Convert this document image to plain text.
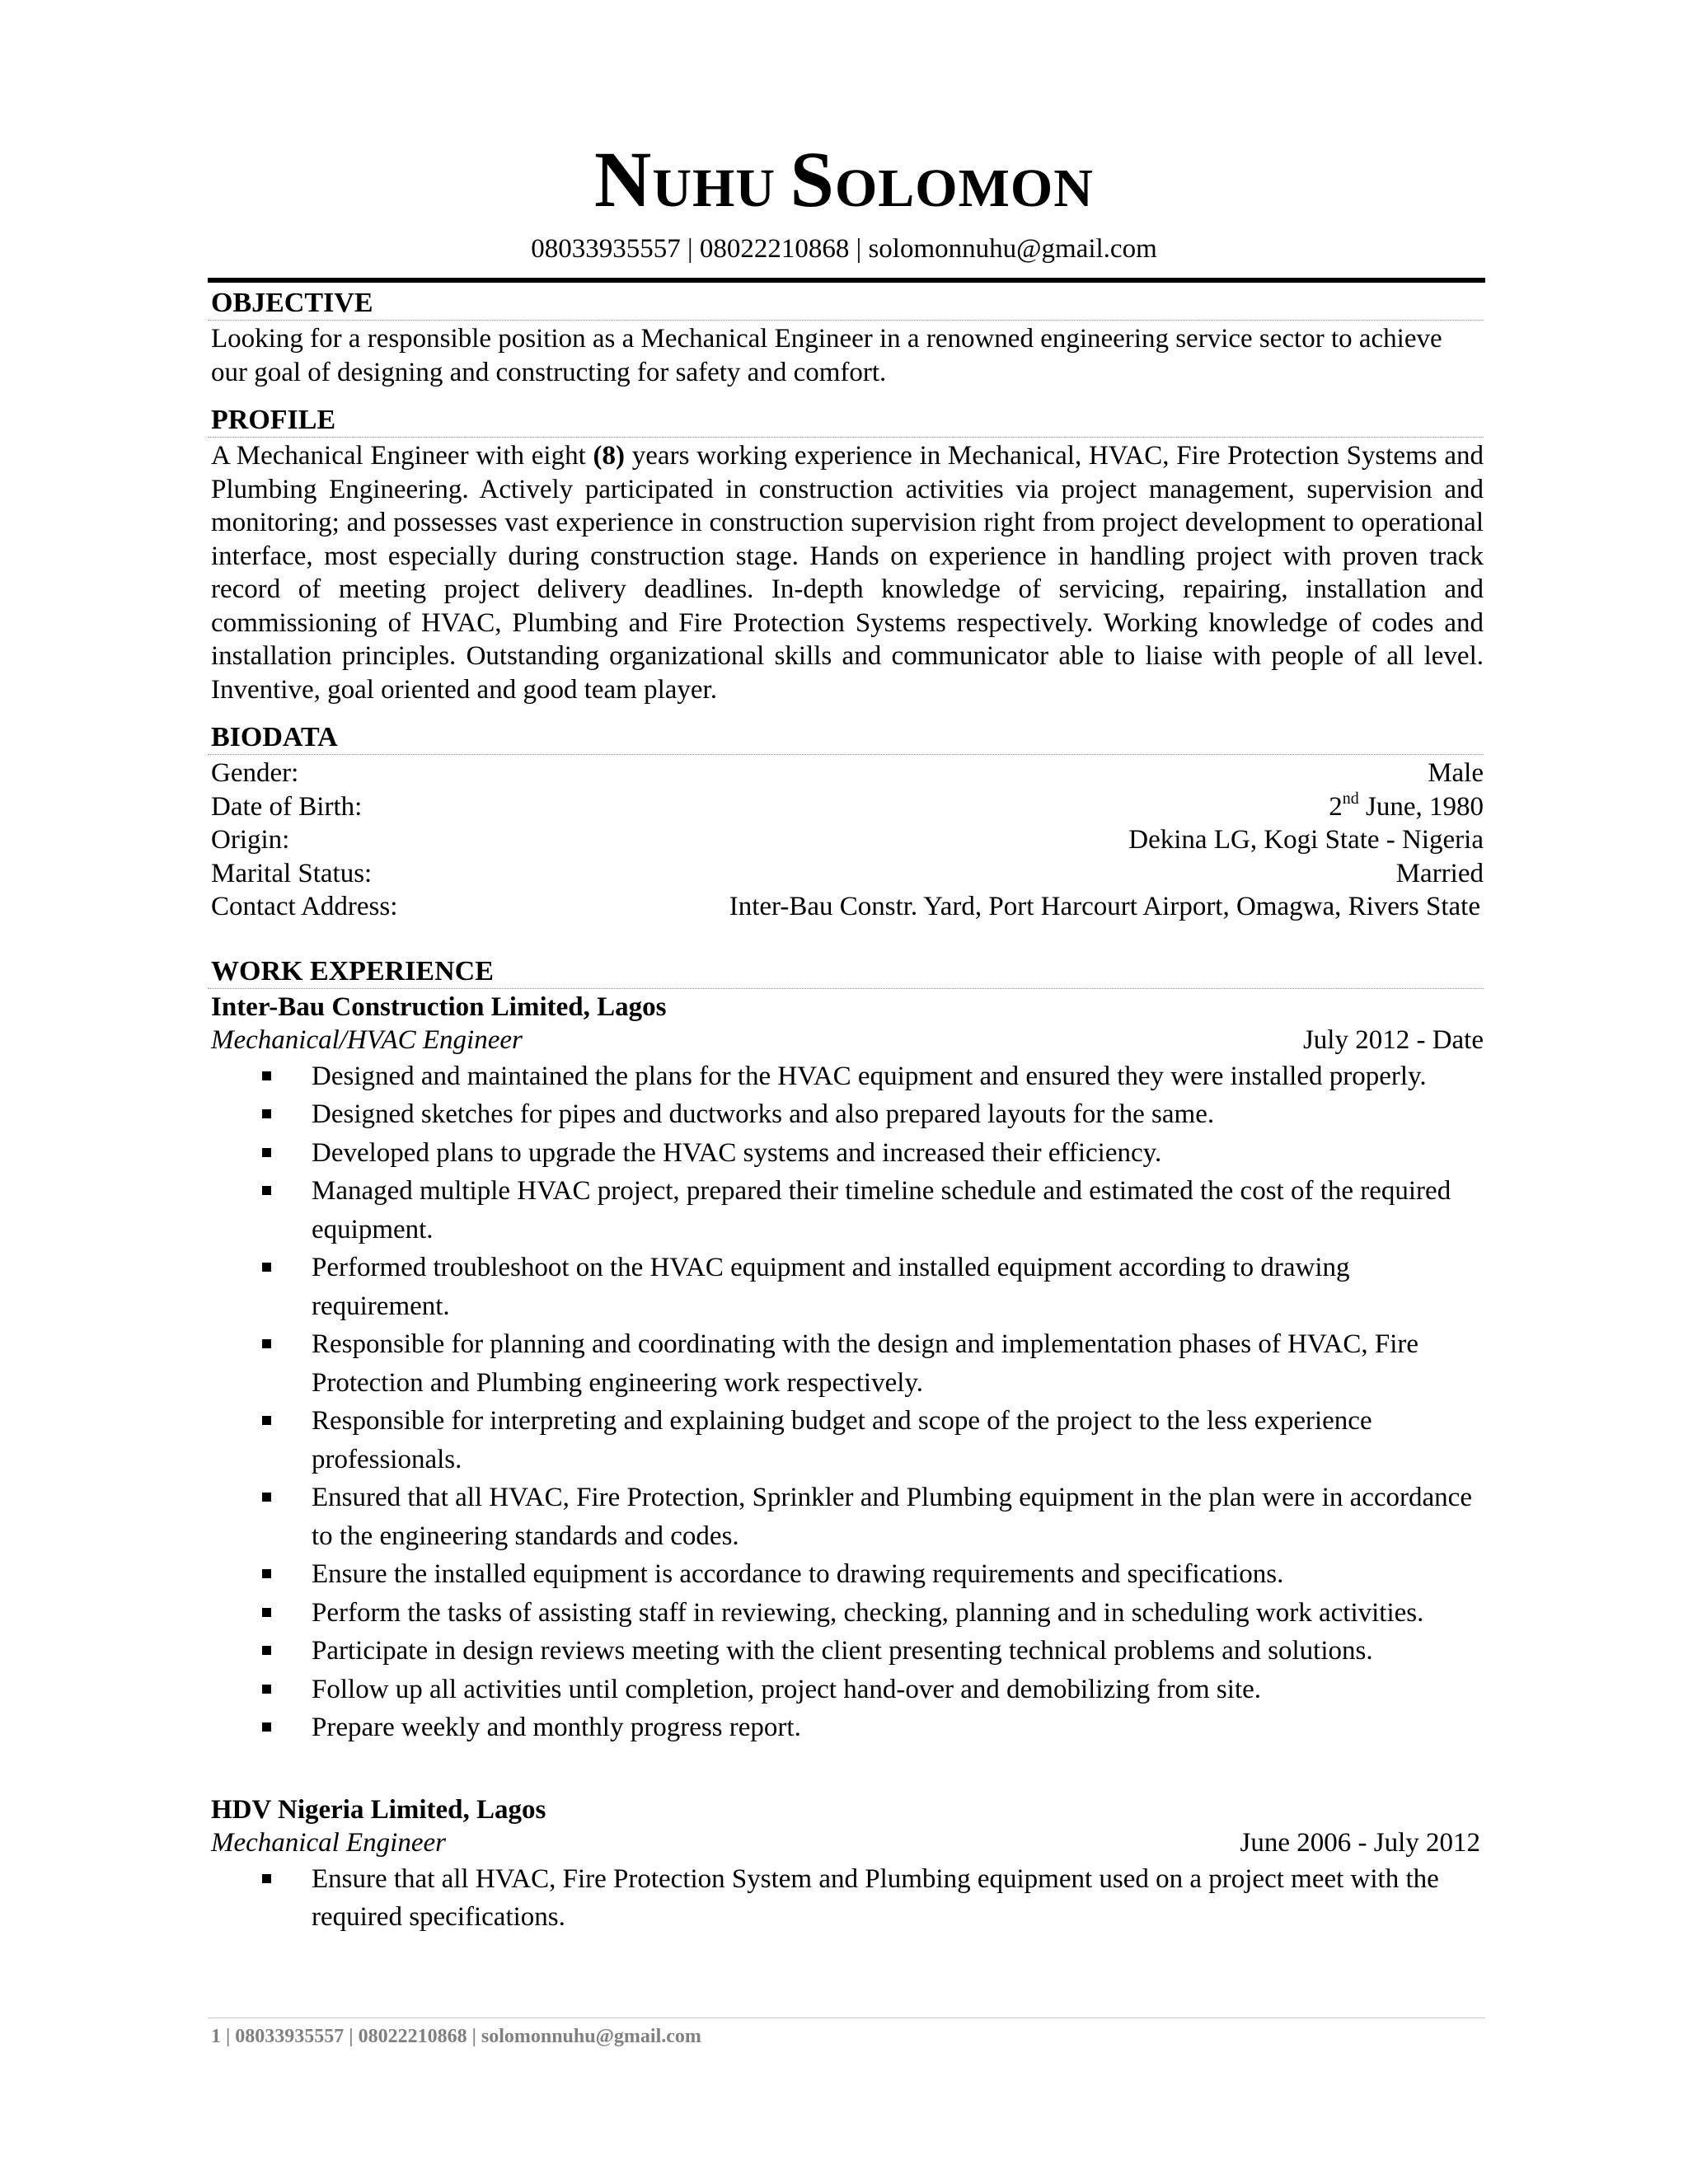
NUHU SOLOMON
08033935557 | 08022210868 | solomonnuhu@gmail.com
OBJECTIVE
Looking for a responsible position as a Mechanical Engineer in a renowned engineering service sector to achieve our goal of designing and constructing for safety and comfort.
PROFILE
A Mechanical Engineer with eight (8) years working experience in Mechanical, HVAC, Fire Protection Systems and Plumbing Engineering. Actively participated in construction activities via project management, supervision and monitoring; and possesses vast experience in construction supervision right from project development to operational interface, most especially during construction stage. Hands on experience in handling project with proven track record of meeting project delivery deadlines. In-depth knowledge of servicing, repairing, installation and commissioning of HVAC, Plumbing and Fire Protection Systems respectively. Working knowledge of codes and installation principles. Outstanding organizational skills and communicator able to liaise with people of all level. Inventive, goal oriented and good team player.
BIODATA
Gender:	Male
Date of Birth:	2nd June, 1980
Origin:	Dekina LG, Kogi State - Nigeria
Marital Status:	Married
Contact Address:	Inter-Bau Constr. Yard, Port Harcourt Airport, Omagwa, Rivers State
WORK EXPERIENCE
Inter-Bau Construction Limited, Lagos
Mechanical/HVAC Engineer	July 2012 - Date
Designed and maintained the plans for the HVAC equipment and ensured they were installed properly.
Designed sketches for pipes and ductworks and also prepared layouts for the same.
Developed plans to upgrade the HVAC systems and increased their efficiency.
Managed multiple HVAC project, prepared their timeline schedule and estimated the cost of the required equipment.
Performed troubleshoot on the HVAC equipment and installed equipment according to drawing requirement.
Responsible for planning and coordinating with the design and implementation phases of HVAC, Fire Protection and Plumbing engineering work respectively.
Responsible for interpreting and explaining budget and scope of the project to the less experience professionals.
Ensured that all HVAC, Fire Protection, Sprinkler and Plumbing equipment in the plan were in accordance to the engineering standards and codes.
Ensure the installed equipment is accordance to drawing requirements and specifications.
Perform the tasks of assisting staff in reviewing, checking, planning and in scheduling work activities.
Participate in design reviews meeting with the client presenting technical problems and solutions.
Follow up all activities until completion, project hand-over and demobilizing from site.
Prepare weekly and monthly progress report.
HDV Nigeria Limited, Lagos
Mechanical Engineer	June 2006 - July 2012
Ensure that all HVAC, Fire Protection System and Plumbing equipment used on a project meet with the required specifications.
1 | 08033935557 | 08022210868 | solomonnuhu@gmail.com
